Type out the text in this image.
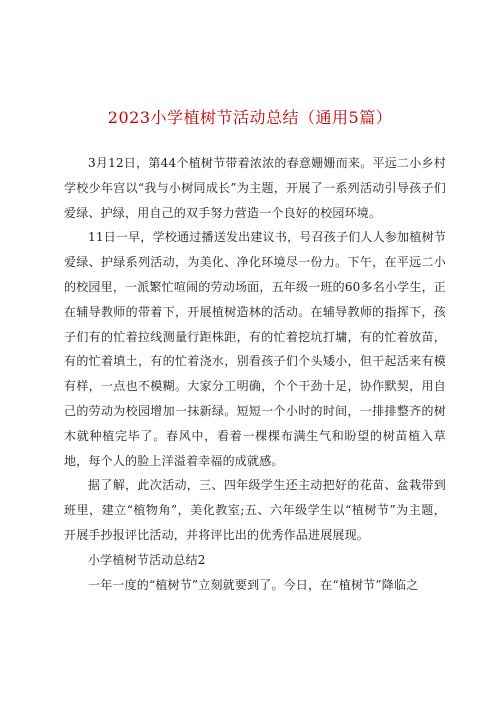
2023小学植树节活动总结（通用5篇）

3月12日，第44个植树节带着浓浓的春意姗姗而来。平远二小乡村学校少年宫以“我与小树同成长”为主题，开展了一系列活动引导孩子们爱绿、护绿，用自己的双手努力营造一个良好的校园环境。

11日一早，学校通过播送发出建议书，号召孩子们人人参加植树节爱绿、护绿系列活动，为美化、净化环境尽一份力。下午，在平远二小的校园里，一派繁忙喧闹的劳动场面，五年级一班的60多名小学生，正在辅导教师的带着下，开展植树造林的活动。在辅导教师的指挥下，孩子们有的忙着拉线测量行距株距，有的忙着挖坑打墉，有的忙着放苗，有的忙着填土，有的忙着浇水，别看孩子们个头矮小，但干起活来有模有样，一点也不模糊。大家分工明确，个个干劲十足，协作默契，用自己的劳动为校园增加一抹新绿。短短一个小时的时间，一排排整齐的树木就种植完毕了。春风中，看着一棵棵布满生气和盼望的树苗植入草地，每个人的脸上洋溢着幸福的成就感。

据了解，此次活动，三、四年级学生还主动把好的花苗、盆栽带到班里，建立“植物角”，美化教室;五、六年级学生以“植树节”为主题，开展手抄报评比活动，并将评比出的优秀作品进展展现。

小学植树节活动总结2

一年一度的“植树节”立刻就要到了。今日，在“植树节”降临之
